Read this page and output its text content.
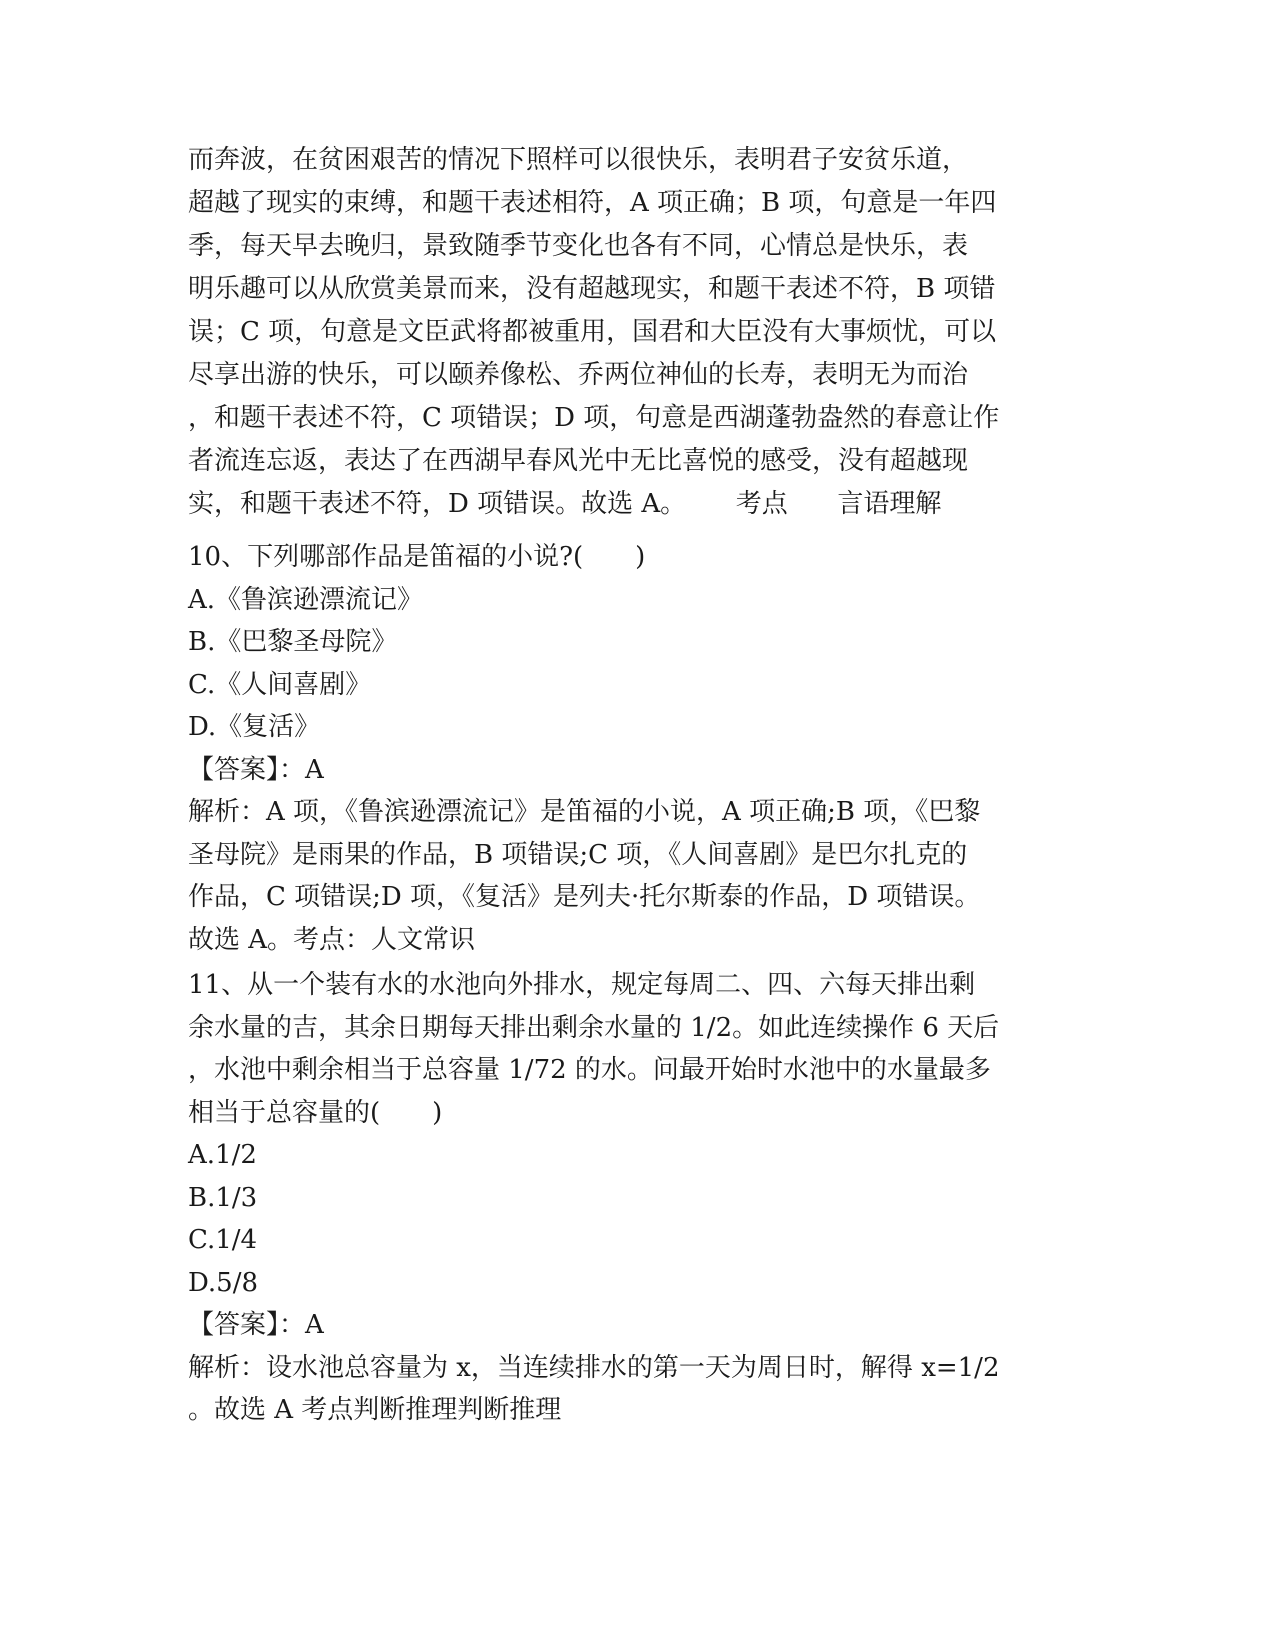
而奔波，在贫困艰苦的情况下照样可以很快乐，表明君子安贫乐道，
超越了现实的束缚，和题干表述相符，A 项正确；B 项，句意是一年四
季，每天早去晚归，景致随季节变化也各有不同，心情总是快乐，表
明乐趣可以从欣赏美景而来，没有超越现实，和题干表述不符，B 项错
误；C 项，句意是文臣武将都被重用，国君和大臣没有大事烦忧，可以
尽享出游的快乐，可以颐养像松、乔两位神仙的长寿，表明无为而治
，和题干表述不符，C 项错误；D 项，句意是西湖蓬勃盎然的春意让作
者流连忘返，表达了在西湖早春风光中无比喜悦的感受，没有超越现
实，和题干表述不符，D 项错误。故选 A。      考点      言语理解
10、下列哪部作品是笛福的小说?(　　)
A.《鲁滨逊漂流记》
B.《巴黎圣母院》
C.《人间喜剧》
D.《复活》
【答案】：A
解析：A 项，《鲁滨逊漂流记》是笛福的小说，A 项正确;B 项，《巴黎
圣母院》是雨果的作品，B 项错误;C 项，《人间喜剧》是巴尔扎克的
作品，C 项错误;D 项，《复活》是列夫·托尔斯泰的作品，D 项错误。
故选 A。考点：人文常识
11、从一个装有水的水池向外排水，规定每周二、四、六每天排出剩
余水量的吉，其余日期每天排出剩余水量的 1/2。如此连续操作 6 天后
，水池中剩余相当于总容量 1/72 的水。问最开始时水池中的水量最多
相当于总容量的(　　)
A.1/2
B.1/3
C.1/4
D.5/8
【答案】：A
解析：设水池总容量为 x，当连续排水的第一天为周日时，解得 x=1/2
。故选 A 考点判断推理判断推理
